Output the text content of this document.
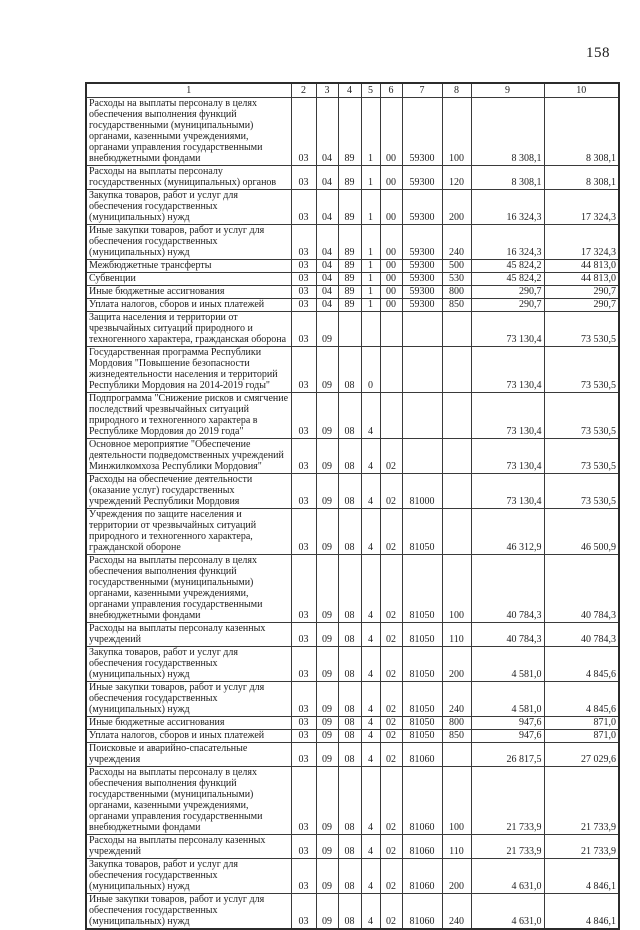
158
1	2	3	4	5	6	7	8	9	10
Расходы на выплаты персоналу в целях обеспечения выполнения функций государственными (муниципальными) органами, казенными учреждениями, органами управления государственными внебюджетными фондами	03	04	89	1	00	59300	100	8 308,1	8 308,1
Расходы на выплаты персоналу государственных (муниципальных) органов	03	04	89	1	00	59300	120	8 308,1	8 308,1
Закупка товаров, работ и услуг для обеспечения государственных (муниципальных) нужд	03	04	89	1	00	59300	200	16 324,3	17 324,3
Иные закупки товаров, работ и услуг для обеспечения государственных (муниципальных) нужд	03	04	89	1	00	59300	240	16 324,3	17 324,3
Межбюджетные трансферты	03	04	89	1	00	59300	500	45 824,2	44 813,0
Субвенции	03	04	89	1	00	59300	530	45 824,2	44 813,0
Иные бюджетные ассигнования	03	04	89	1	00	59300	800	290,7	290,7
Уплата налогов, сборов и иных платежей	03	04	89	1	00	59300	850	290,7	290,7
Защита населения и территории от чрезвычайных ситуаций природного и техногенного характера, гражданская оборона	03	09						73 130,4	73 530,5
Государственная программа Республики Мордовия "Повышение безопасности жизнедеятельности населения и территорий Республики Мордовия на 2014-2019 годы"	03	09	08	0				73 130,4	73 530,5
Подпрограмма "Снижение рисков и смягчение последствий чрезвычайных ситуаций природного и техногенного характера в Республике Мордовия до 2019 года"	03	09	08	4				73 130,4	73 530,5
Основное мероприятие "Обеспечение деятельности подведомственных учреждений Минжилкомхоза Республики Мордовия"	03	09	08	4	02			73 130,4	73 530,5
Расходы на обеспечение деятельности (оказание услуг) государственных учреждений Республики Мордовия	03	09	08	4	02	81000		73 130,4	73 530,5
Учреждения по защите населения и территории от чрезвычайных ситуаций природного и техногенного характера, гражданской обороне	03	09	08	4	02	81050		46 312,9	46 500,9
Расходы на выплаты персоналу в целях обеспечения выполнения функций государственными (муниципальными) органами, казенными учреждениями, органами управления государственными внебюджетными фондами	03	09	08	4	02	81050	100	40 784,3	40 784,3
Расходы на выплаты персоналу казенных учреждений	03	09	08	4	02	81050	110	40 784,3	40 784,3
Закупка товаров, работ и услуг для обеспечения государственных (муниципальных) нужд	03	09	08	4	02	81050	200	4 581,0	4 845,6
Иные закупки товаров, работ и услуг для обеспечения государственных (муниципальных) нужд	03	09	08	4	02	81050	240	4 581,0	4 845,6
Иные бюджетные ассигнования	03	09	08	4	02	81050	800	947,6	871,0
Уплата налогов, сборов и иных платежей	03	09	08	4	02	81050	850	947,6	871,0
Поисковые и аварийно-спасательные учреждения	03	09	08	4	02	81060		26 817,5	27 029,6
Расходы на выплаты персоналу в целях обеспечения выполнения функций государственными (муниципальными) органами, казенными учреждениями, органами управления государственными внебюджетными фондами	03	09	08	4	02	81060	100	21 733,9	21 733,9
Расходы на выплаты персоналу казенных учреждений	03	09	08	4	02	81060	110	21 733,9	21 733,9
Закупка товаров, работ и услуг для обеспечения государственных (муниципальных) нужд	03	09	08	4	02	81060	200	4 631,0	4 846,1
Иные закупки товаров, работ и услуг для обеспечения государственных (муниципальных) нужд	03	09	08	4	02	81060	240	4 631,0	4 846,1
